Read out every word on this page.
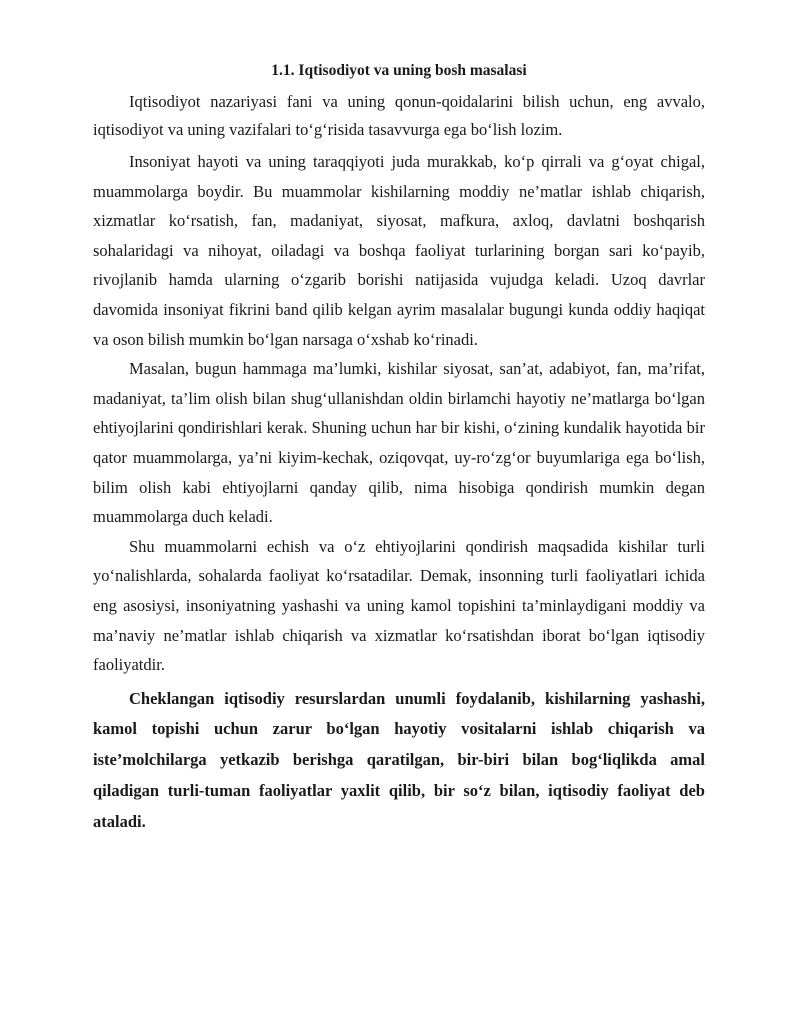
1.1. Iqtisodiyot va uning bosh masalasi

Iqtisodiyot nazariyasi fani va uning qonun-qoidalarini bilish uchun, eng avvalo, iqtisodiyot va uning vazifalari to‘g‘risida tasavvurga ega bo‘lish lozim.

Insoniyat hayoti va uning taraqqiyoti juda murakkab, ko‘p qirrali va g‘oyat chigal, muammolarga boydir. Bu muammolar kishilarning moddiy ne’matlar ishlab chiqarish, xizmatlar ko‘rsatish, fan, madaniyat, siyosat, mafkura, axloq, davlatni boshqarish sohalaridagi va nihoyat, oiladagi va boshqa faoliyat turlarining borgan sari ko‘payib, rivojlanib hamda ularning o‘zgarib borishi natijasida vujudga keladi. Uzoq davrlar davomida insoniyat fikrini band qilib kelgan ayrim masalalar bugungi kunda oddiy haqiqat va oson bilish mumkin bo‘lgan narsaga o‘xshab ko‘rinadi.

Masalan, bugun hammaga ma’lumki, kishilar siyosat, san’at, adabiyot, fan, ma’rifat, madaniyat, ta’lim olish bilan shug‘ullanishdan oldin birlamchi hayotiy ne’matlarga bo‘lgan ehtiyojlarini qondirishlari kerak. Shuning uchun har bir kishi, o‘zining kundalik hayotida bir qator muammolarga, ya’ni kiyim-kechak, oziqovqat, uy-ro‘zg‘or buyumlariga ega bo‘lish, bilim olish kabi ehtiyojlarni qanday qilib, nima hisobiga qondirish mumkin degan muammolarga duch keladi.

Shu muammolarni echish va o‘z ehtiyojlarini qondirish maqsadida kishilar turli yo‘nalishlarda, sohalarda faoliyat ko‘rsatadilar. Demak, insonning turli faoliyatlari ichida eng asosiysi, insoniyatning yashashi va uning kamol topishini ta’minlaydigani moddiy va ma’naviy ne’matlar ishlab chiqarish va xizmatlar ko‘rsatishdan iborat bo‘lgan iqtisodiy faoliyatdir.

Cheklangan iqtisodiy resurslardan unumli foydalanib, kishilarning yashashi, kamol topishi uchun zarur bo‘lgan hayotiy vositalarni ishlab chiqarish va iste’molchilarga yetkazib berishga qaratilgan, bir-biri bilan bog‘liqlikda amal qiladigan turli-tuman faoliyatlar yaxlit qilib, bir so‘z bilan, iqtisodiy faoliyat deb ataladi.
